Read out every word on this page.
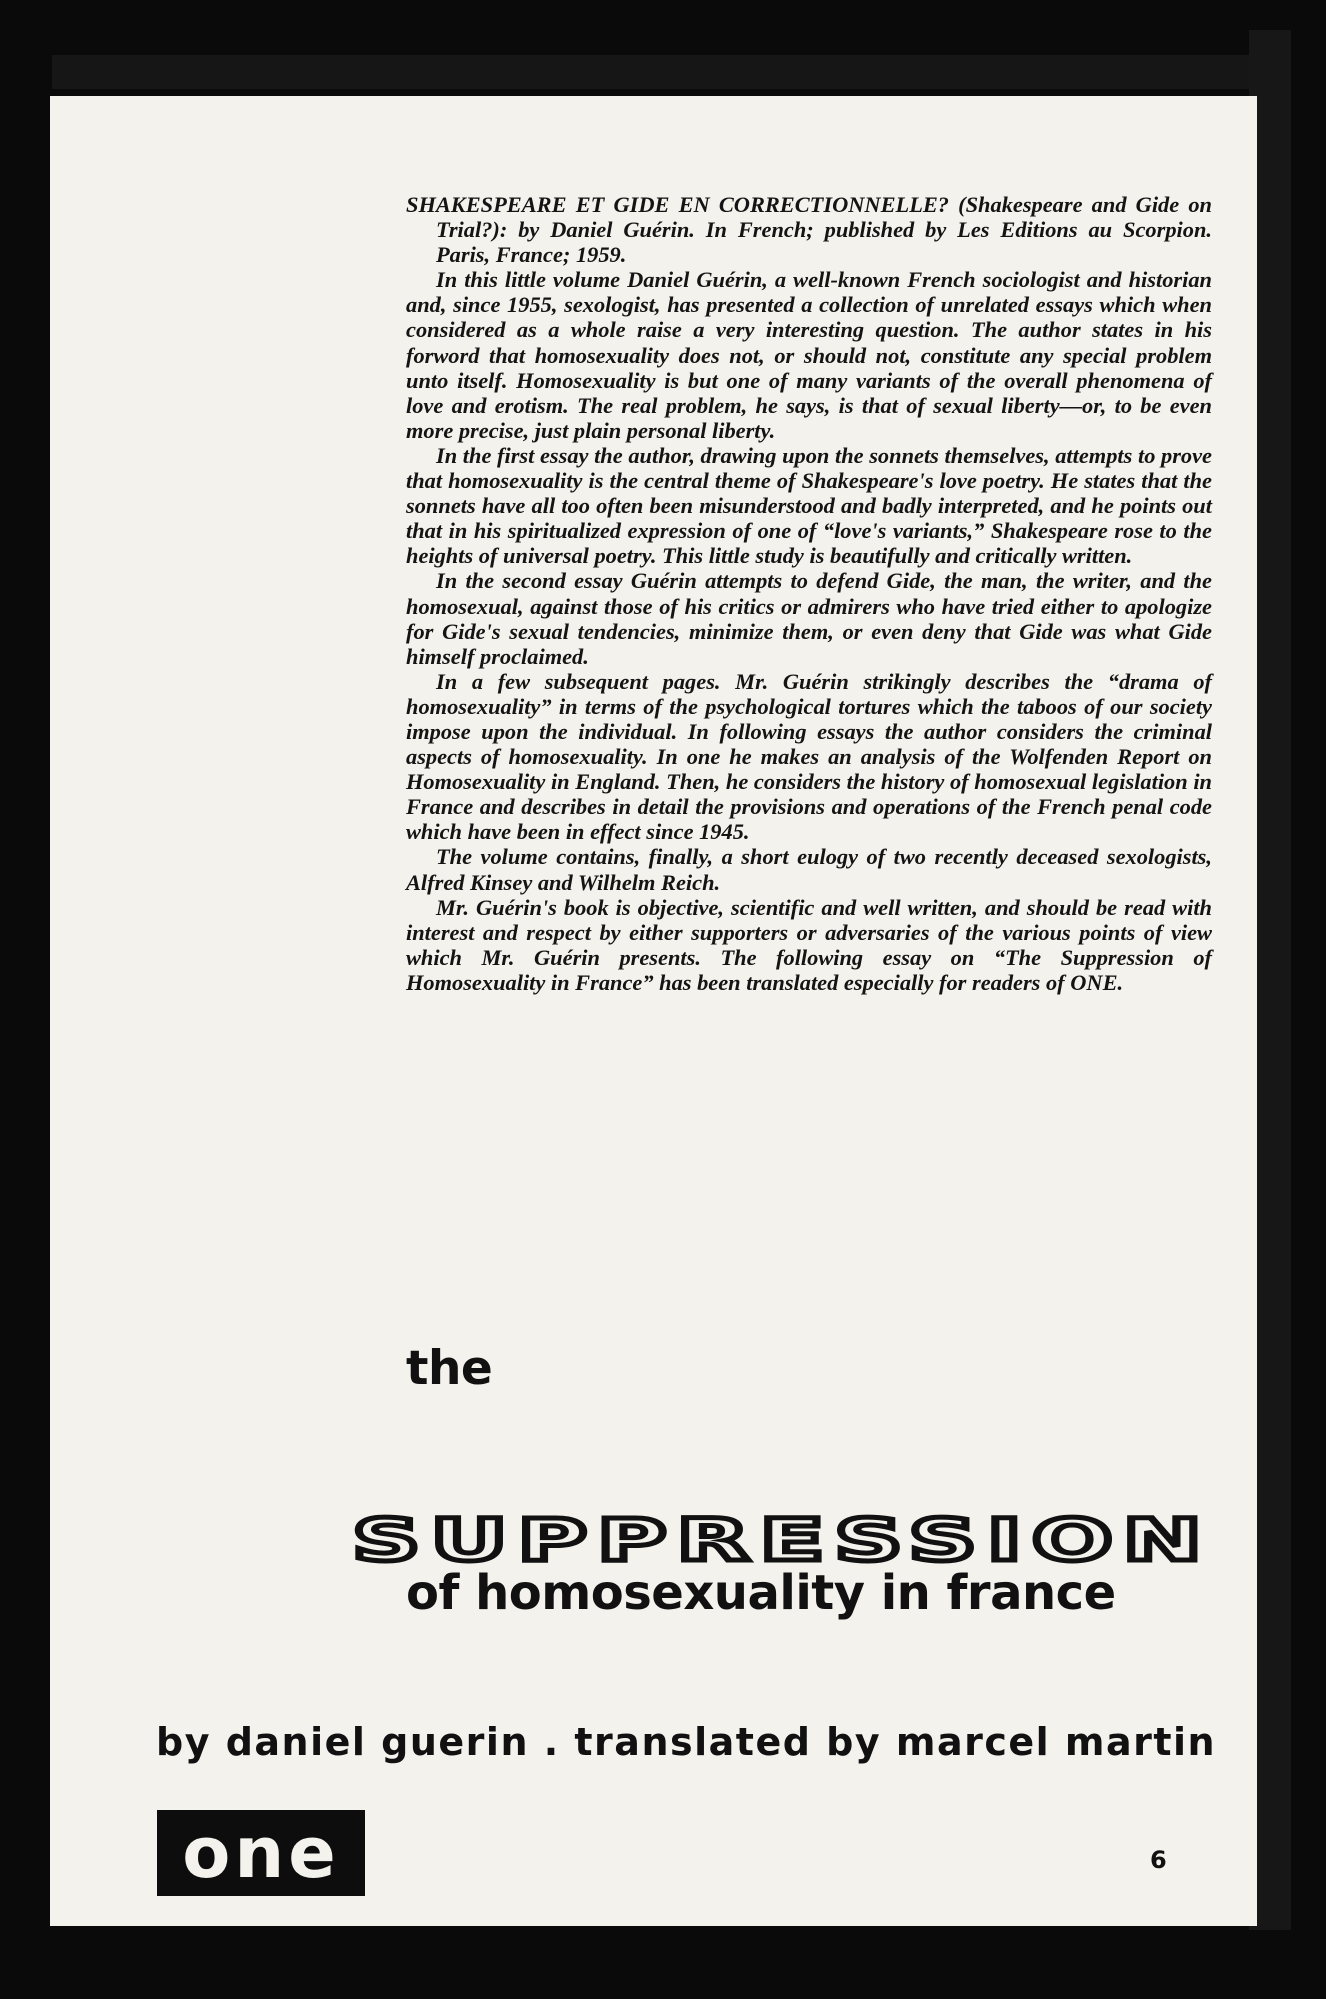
SHAKESPEARE ET GIDE EN CORRECTIONNELLE? (Shakespeare and Gide on Trial?): by Daniel Guérin. In French; published by Les Editions au Scorpion. Paris, France; 1959.

In this little volume Daniel Guérin, a well-known French sociologist and historian and, since 1955, sexologist, has presented a collection of unrelated essays which when considered as a whole raise a very interesting question. The author states in his forword that homosexuality does not, or should not, constitute any special problem unto itself. Homosexuality is but one of many variants of the overall phenomena of love and erotism. The real problem, he says, is that of sexual liberty—or, to be even more precise, just plain personal liberty.

In the first essay the author, drawing upon the sonnets themselves, attempts to prove that homosexuality is the central theme of Shakespeare's love poetry. He states that the sonnets have all too often been misunderstood and badly interpreted, and he points out that in his spiritualized expression of one of “love's variants,” Shakespeare rose to the heights of universal poetry. This little study is beautifully and critically written.

In the second essay Guérin attempts to defend Gide, the man, the writer, and the homosexual, against those of his critics or admirers who have tried either to apologize for Gide's sexual tendencies, minimize them, or even deny that Gide was what Gide himself proclaimed.

In a few subsequent pages. Mr. Guérin strikingly describes the “drama of homosexuality” in terms of the psychological tortures which the taboos of our society impose upon the individual. In following essays the author considers the criminal aspects of homosexuality. In one he makes an analysis of the Wolfenden Report on Homosexuality in England. Then, he considers the history of homosexual legislation in France and describes in detail the provisions and operations of the French penal code which have been in effect since 1945.

The volume contains, finally, a short eulogy of two recently deceased sexologists, Alfred Kinsey and Wilhelm Reich.

Mr. Guérin's book is objective, scientific and well written, and should be read with interest and respect by either supporters or adversaries of the various points of view which Mr. Guérin presents. The following essay on “The Suppression of Homosexuality in France” has been translated especially for readers of ONE.

the
SUPPRESSION
of homosexuality in france
by daniel guerin . translated by marcel martin
one	6
